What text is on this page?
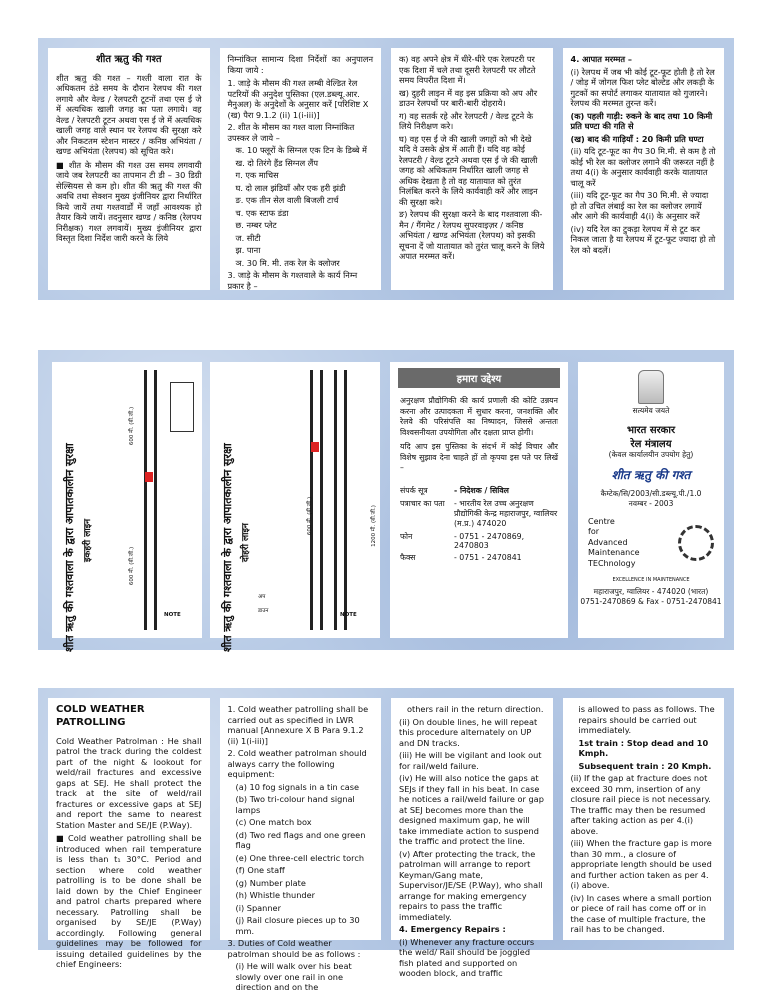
शीत ऋतु की गश्त

शीत ऋतु की गश्त – गश्ती वाला रात के अधिकतम ठंडे समय के दौरान रेलपथ की गश्त लगाये और वेल्ड / रेलपटरी टूटनों तथा एस ई जे में अत्यधिक खाली जगह का पता लगाये। वह वेल्ड / रेलपटरी टूटन अथवा एस ई जे में अत्यधिक खाली जगह वाले स्थान पर रेलपथ की सुरक्षा करे और निकटतम स्टेशन मास्टर / कनिष्ठ अभियंता / खण्ड अभियंता (रेलपथ) को सूचित करे।

■ शीत के मौसम की गश्त उस समय लगवायी जाये जब रेलपटरी का तापमान टी डी – 30 डिग्री सेल्सियस से कम हो। शीत की ऋतु की गश्त की अवधि तथा सेक्शन मुख्य इंजीनियर द्वारा निर्धारित किये जायें तथा गश्तवार्डों में जहाँ आवश्यक हो तैयार किये जायें। तदनुसार खण्ड / कनिष्ठ (रेलपथ निरीक्षक) गश्त लगवायें। मुख्य इंजीनियर द्वारा विस्तृत दिशा निर्देश जारी करने के लिये

निम्नांकित सामान्य दिशा निर्देशों का अनुपालन किया जाये :

1. जाड़े के मौसम की गश्त लम्बी वेल्डित रेल पटरियों की अनुदेश पुस्तिका (एल.डब्ल्यू.आर. मैनुअल) के अनुदेशों के अनुसार करें [परिशिष्ट X (ख) पैरा 9.1.2 (ii) 1(i-iii)]
2. शीत के मौसम का गश्त वाला निम्नांकित उपस्कर ले जाये –
क. 10 फ्लूरों के सिग्नल एक टिन के डिब्बे में
ख. दो तिरंगे हैंड सिग्नल लैंप
ग. एक माचिस
घ. दो लाल झंडियाँ और एक हरी झंडी
ङ. एक तीन सेल वाली बिजली टार्च
च. एक स्टाफ डंडा
छ. नम्बर प्लेट
ज. सीटी
झ. पाना
ञ. 30 मि. मी. तक रेल के क्लोजर
3. जाड़े के मौसम के गश्तवाले के कार्य निम्न प्रकार है –
क) वह अपने क्षेत्र में धीरे-धीरे एक रेलपटरी पर एक दिशा में चले तथा दूसरी रेलपटरी पर लौटते समय विपरीत दिशा में।
ख) दुहरी लाइन में वह इस प्रक्रिया को अप और डाउन रेलपथों पर बारी-बारी दोहराये।
ग) वह सतर्क रहे और रेलपटरी / वेल्ड टूटने के लिये निरीक्षण करे।
घ) वह एस ई जे की खाली जगहों को भी देखे यदि वे उसके क्षेत्र में आती हैं। यदि वह कोई रेलपटरी / वेल्ड टूटने अथवा एस ई जे की खाली जगह को अधिकतम निर्धारित खाली जगह से अधिक देखता है तो वह यातायात को तुरंत निलंबित करने के लिये कार्यवाही करें और लाइन की सुरक्षा करे।
ङ) रेलपथ की सुरक्षा करने के बाद गश्तवाला की-मैन / गैंगमेट / रेलपथ सुपरवाइज़र / कनिष्ठ अभियंता / खण्ड अभियंता (रेलपथ) को इसकी सूचना दें जो यातायात को तुरंत चालू करने के लिये अपात मरम्मत करें।
4. आपात मरम्मत –
(i) रेलपथ में जब भी कोई टूट-फूट होती है तो रेल / जोड़ में जोगल फिश प्लेट बोल्टेड और लकड़ी के गुटकों का सपोर्ट लगाकर यातायात को गुजारने। रेलपथ की मरम्मत तुरन्त करें।
(क) पहली गाड़ी: रुकने के बाद तथा 10 किमी प्रति घण्टा की गति से
(ख) बाद की गाड़ियाँ : 20 किमी प्रति घण्टा
(ii) यदि टूट-फूट का गैप 30 मि.मी. से कम है तो कोई भी रेल का क्लोजर लगाने की जरूरत नहीं है तथा 4(i) के अनुसार कार्यवाही करके यातायात चालू करें
(iii) यदि टूट-फूट का गैप 30 मि.मी. से ज्यादा हो तो उचित लंबाई का रेल का क्लोजर लगायें और आगे की कार्यवाही 4(i) के अनुसार करें
(iv) यदि रेल का टुकड़ा रेलपथ में से टूट कर निकल जाता है या रेलपथ में टूट-फूट ज्यादा हो तो रेल को बदलें।
शीत ऋतु की गश्तवाला के द्वारा आपातकालीन सुरक्षा इकहरी लाइन
600 मी. (बी.जी.)
600 मी. (बी.जी.)
NOTE	शीत ऋतु की गश्तवाला के द्वारा आपातकालीन सुरक्षा दोहरी लाइन
600 मी. (बी.जी.)	1200 मी. (बी.जी.)
अप
डाउन
NOTE
हमारा उद्देश्य
अनुरक्षण प्रौद्योगिकी की कार्य प्रणाली की कोटि उन्नयन करना और उत्पादकता में सुधार करना, जनशक्ति और रेलवे की परिसंपत्ति का निष्पादन, जिससे अन्ततः विश्वसनीयता उपयोगिता और दक्षता प्राप्त होगी।
यदि आप इस पुस्तिका के संदर्भ में कोई विचार और विशेष सुझाव देना चाहते हों तो कृपया इस पते पर लिखें –
संपर्क सूत्र	- निदेशक / सिविल
पत्राचार का पता	- भारतीय रेल उच्च अनुरक्षण प्रौद्योगिकी केन्द्र महाराजपुर, ग्वालियर (म.प्र.) 474020
फोन	- 0751 - 2470869, 2470803
फैक्स	- 0751 - 2470841
सत्यमेव जयते
भारत सरकार
रेल मंत्रालय
(केवल कार्यालयीन उपयोग हेतु)
शीत ऋतु की गश्त
कैम्टेक/सि/2003/सी.डब्ल्यू.पी./1.0
नवम्बर - 2003
Centre
for
Advanced
Maintenance
TEChnology
EXCELLENCE IN MAINTENANCE
महाराजपुर, ग्वालियर - 474020 (भारत)
0751-2470869 & Fax - 0751-2470841
COLD WEATHER PATROLLING

Cold Weather Patrolman : He shall patrol the track during the coldest part of the night & lookout for weld/rail fractures and excessive gaps at SEJ. He shall protect the track at the site of weld/rail fractures or excessive gaps at SEJ and report the same to nearest Station Master and SE/JE (P.Way).

■ Cold weather patrolling shall be introduced when rail temperature is less than t₁ 30°C. Period and section where cold weather patrolling is to be done shall be laid down by the Chief Engineer and patrol charts prepared where necessary. Patrolling shall be organised by SE/JE (P.Way) accordingly. Following general guidelines may be followed for issuing detailed guidelines by the chief Engineers:

1. Cold weather patrolling shall be carried out as specified in LWR manual [Annexure X B Para 9.1.2 (ii) 1(i-iii)]
2. Cold weather patrolman should always carry the following equipment:
(a) 10 fog signals in a tin case
(b) Two tri-colour hand signal lamps
(c) One match box
(d) Two red flags and one green flag
(e) One three-cell electric torch
(f) One staff
(g) Number plate
(h) Whistle thunder
(i) Spanner
(j) Rail closure pieces up to 30 mm.
3. Duties of Cold weather patrolman should be as follows :
(i) He will walk over his beat slowly over one rail in one direction and on the
others rail in the return direction.
(ii) On double lines, he will repeat this procedure alternately on UP and DN tracks.
(iii) He will be vigilant and look out for rail/weld failure.
(iv) He will also notice the gaps at SEJs if they fall in his beat. In case he notices a rail/weld failure or gap at SEJ becomes more than the designed maximum gap, he will take immediate action to suspend the traffic and protect the line.
(v) After protecting the track, the patrolman will arrange to report Keyman/Gang mate, Supervisor/JE/SE (P.Way), who shall arrange for making emergency repairs to pass the traffic immediately.
4. Emergency Repairs :
(i) Whenever any fracture occurs the weld/ Rail should be joggled fish plated and supported on wooden block, and traffic
is allowed to pass as follows. The repairs should be carried out immediately.
1st train : Stop dead and 10 Kmph.
Subsequent train : 20 Kmph.
(ii) If the gap at fracture does not exceed 30 mm, insertion of any closure rail piece is not necessary. The traffic may then be resumed after taking action as per 4.(i) above.
(iii) When the fracture gap is more than 30 mm., a closure of appropriate length should be used and further action taken as per 4.(i) above.
(iv) In cases where a small portion or piece of rail has come off or in the case of multiple fracture, the rail has to be changed.
